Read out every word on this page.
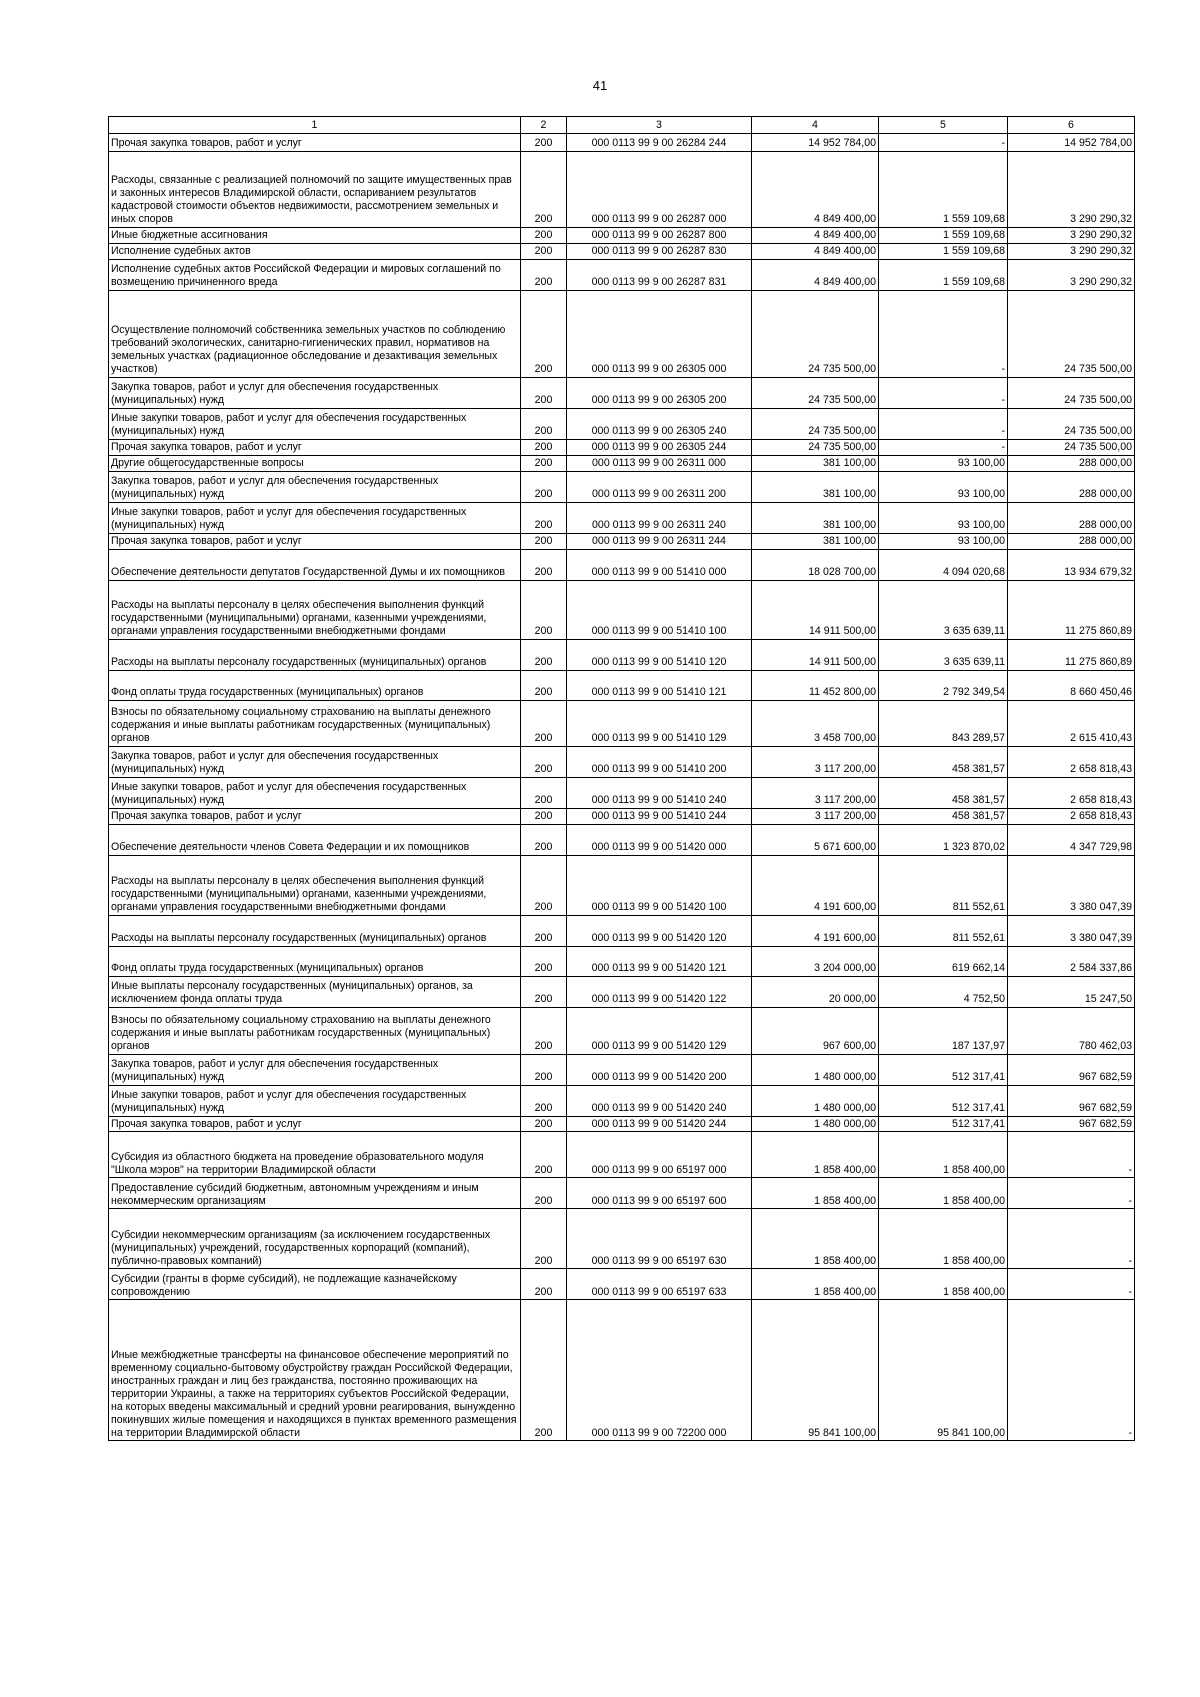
41
1	2	3	4	5	6
Прочая закупка товаров, работ и услуг	200	000 0113 99 9 00 26284 244	14 952 784,00	-	14 952 784,00
Расходы, связанные с реализацией полномочий по защите имущественных прав и законных интересов Владимирской области, оспариванием результатов кадастровой стоимости объектов недвижимости, рассмотрением земельных и иных споров	200	000 0113 99 9 00 26287 000	4 849 400,00	1 559 109,68	3 290 290,32
Иные бюджетные ассигнования	200	000 0113 99 9 00 26287 800	4 849 400,00	1 559 109,68	3 290 290,32
Исполнение судебных актов	200	000 0113 99 9 00 26287 830	4 849 400,00	1 559 109,68	3 290 290,32
Исполнение судебных актов Российской Федерации и мировых соглашений по возмещению причиненного вреда	200	000 0113 99 9 00 26287 831	4 849 400,00	1 559 109,68	3 290 290,32
Осуществление полномочий собственника земельных участков по соблюдению требований экологических, санитарно-гигиенических правил, нормативов на земельных участках (радиационное обследование и дезактивация земельных участков)	200	000 0113 99 9 00 26305 000	24 735 500,00	-	24 735 500,00
Закупка товаров, работ и услуг для обеспечения государственных (муниципальных) нужд	200	000 0113 99 9 00 26305 200	24 735 500,00	-	24 735 500,00
Иные закупки товаров, работ и услуг для обеспечения государственных (муниципальных) нужд	200	000 0113 99 9 00 26305 240	24 735 500,00	-	24 735 500,00
Прочая закупка товаров, работ и услуг	200	000 0113 99 9 00 26305 244	24 735 500,00	-	24 735 500,00
Другие общегосударственные вопросы	200	000 0113 99 9 00 26311 000	381 100,00	93 100,00	288 000,00
Закупка товаров, работ и услуг для обеспечения государственных (муниципальных) нужд	200	000 0113 99 9 00 26311 200	381 100,00	93 100,00	288 000,00
Иные закупки товаров, работ и услуг для обеспечения государственных (муниципальных) нужд	200	000 0113 99 9 00 26311 240	381 100,00	93 100,00	288 000,00
Прочая закупка товаров, работ и услуг	200	000 0113 99 9 00 26311 244	381 100,00	93 100,00	288 000,00
Обеспечение деятельности депутатов Государственной Думы и их помощников	200	000 0113 99 9 00 51410 000	18 028 700,00	4 094 020,68	13 934 679,32
Расходы на выплаты персоналу в целях обеспечения выполнения функций государственными (муниципальными) органами, казенными учреждениями, органами управления государственными внебюджетными фондами	200	000 0113 99 9 00 51410 100	14 911 500,00	3 635 639,11	11 275 860,89
Расходы на выплаты персоналу государственных (муниципальных) органов	200	000 0113 99 9 00 51410 120	14 911 500,00	3 635 639,11	11 275 860,89
Фонд оплаты труда государственных (муниципальных) органов	200	000 0113 99 9 00 51410 121	11 452 800,00	2 792 349,54	8 660 450,46
Взносы по обязательному социальному страхованию на выплаты денежного содержания и иные выплаты работникам государственных (муниципальных) органов	200	000 0113 99 9 00 51410 129	3 458 700,00	843 289,57	2 615 410,43
Закупка товаров, работ и услуг для обеспечения государственных (муниципальных) нужд	200	000 0113 99 9 00 51410 200	3 117 200,00	458 381,57	2 658 818,43
Иные закупки товаров, работ и услуг для обеспечения государственных (муниципальных) нужд	200	000 0113 99 9 00 51410 240	3 117 200,00	458 381,57	2 658 818,43
Прочая закупка товаров, работ и услуг	200	000 0113 99 9 00 51410 244	3 117 200,00	458 381,57	2 658 818,43
Обеспечение деятельности членов Совета Федерации и их помощников	200	000 0113 99 9 00 51420 000	5 671 600,00	1 323 870,02	4 347 729,98
Расходы на выплаты персоналу в целях обеспечения выполнения функций государственными (муниципальными) органами, казенными учреждениями, органами управления государственными внебюджетными фондами	200	000 0113 99 9 00 51420 100	4 191 600,00	811 552,61	3 380 047,39
Расходы на выплаты персоналу государственных (муниципальных) органов	200	000 0113 99 9 00 51420 120	4 191 600,00	811 552,61	3 380 047,39
Фонд оплаты труда государственных (муниципальных) органов	200	000 0113 99 9 00 51420 121	3 204 000,00	619 662,14	2 584 337,86
Иные выплаты персоналу государственных (муниципальных) органов, за исключением фонда оплаты труда	200	000 0113 99 9 00 51420 122	20 000,00	4 752,50	15 247,50
Взносы по обязательному социальному страхованию на выплаты денежного содержания и иные выплаты работникам государственных (муниципальных) органов	200	000 0113 99 9 00 51420 129	967 600,00	187 137,97	780 462,03
Закупка товаров, работ и услуг для обеспечения государственных (муниципальных) нужд	200	000 0113 99 9 00 51420 200	1 480 000,00	512 317,41	967 682,59
Иные закупки товаров, работ и услуг для обеспечения государственных (муниципальных) нужд	200	000 0113 99 9 00 51420 240	1 480 000,00	512 317,41	967 682,59
Прочая закупка товаров, работ и услуг	200	000 0113 99 9 00 51420 244	1 480 000,00	512 317,41	967 682,59
Субсидия из областного бюджета на проведение образовательного модуля "Школа мэров" на территории Владимирской области	200	000 0113 99 9 00 65197 000	1 858 400,00	1 858 400,00	-
Предоставление субсидий бюджетным, автономным учреждениям и иным некоммерческим организациям	200	000 0113 99 9 00 65197 600	1 858 400,00	1 858 400,00	-
Субсидии некоммерческим организациям (за исключением государственных (муниципальных) учреждений, государственных корпораций (компаний), публично-правовых компаний)	200	000 0113 99 9 00 65197 630	1 858 400,00	1 858 400,00	-
Субсидии (гранты в форме субсидий), не подлежащие казначейскому сопровождению	200	000 0113 99 9 00 65197 633	1 858 400,00	1 858 400,00	-
Иные межбюджетные трансферты на финансовое обеспечение мероприятий по временному социально-бытовому обустройству граждан Российской Федерации, иностранных граждан и лиц без гражданства, постоянно проживающих на территории Украины, а также на территориях субъектов Российской Федерации, на которых введены максимальный и средний уровни реагирования, вынужденно покинувших жилые помещения и находящихся в пунктах временного размещения на территории Владимирской области	200	000 0113 99 9 00 72200 000	95 841 100,00	95 841 100,00	-
